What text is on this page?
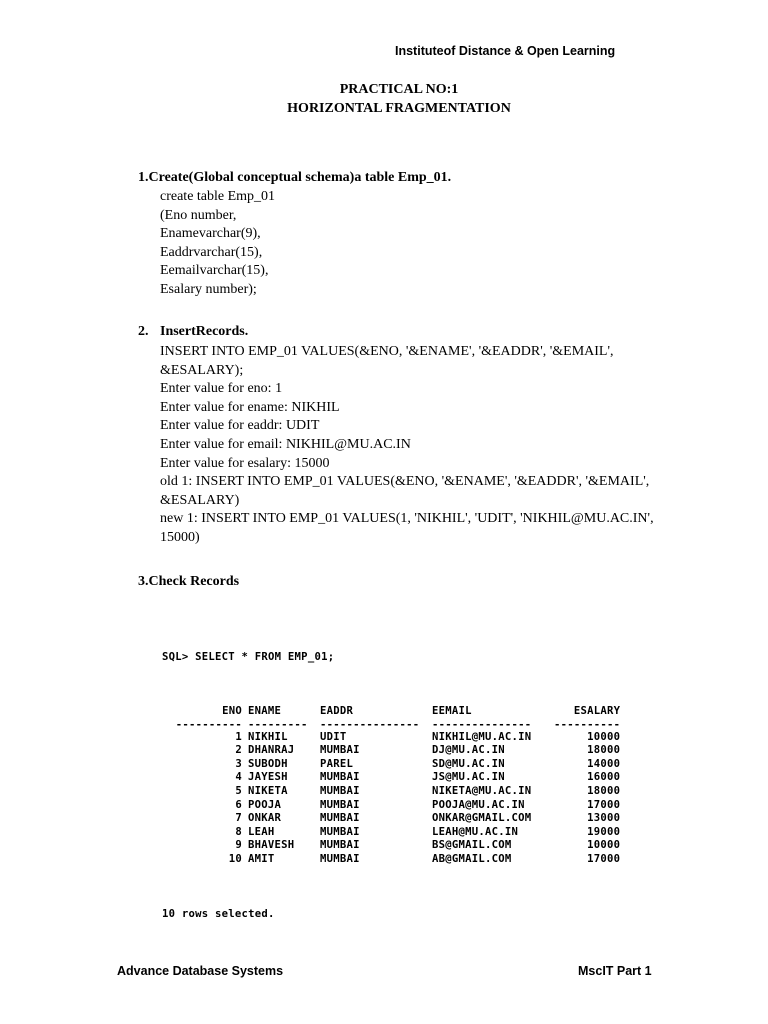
Instituteof Distance & Open Learning
PRACTICAL NO:1
HORIZONTAL FRAGMENTATION
1.Create(Global conceptual schema)a table Emp_01.
create table Emp_01
(Eno number,
Enamevarchar(9),
Eaddrvarchar(15),
Eemailvarchar(15),
Esalary number);
2. InsertRecords.
INSERT INTO EMP_01 VALUES(&ENO, '&ENAME', '&EADDR', '&EMAIL',
&ESALARY);
Enter value for eno: 1
Enter value for ename: NIKHIL
Enter value for eaddr: UDIT
Enter value for email: NIKHIL@MU.AC.IN
Enter value for esalary: 15000
old 1: INSERT INTO EMP_01 VALUES(&ENO, '&ENAME', '&EADDR', '&EMAIL',
&ESALARY)
new 1: INSERT INTO EMP_01 VALUES(1, 'NIKHIL', 'UDIT', 'NIKHIL@MU.AC.IN',
15000)
3.Check Records

SQL> SELECT * FROM EMP_01;

ENO	ENAME	EADDR	EEMAIL	ESALARY
----------	---------	---------------	---------------	----------
1	NIKHIL	UDIT	NIKHIL@MU.AC.IN	10000
2	DHANRAJ	MUMBAI	DJ@MU.AC.IN	18000
3	SUBODH	PAREL	SD@MU.AC.IN	14000
4	JAYESH	MUMBAI	JS@MU.AC.IN	16000
5	NIKETA	MUMBAI	NIKETA@MU.AC.IN	18000
6	POOJA	MUMBAI	POOJA@MU.AC.IN	17000
7	ONKAR	MUMBAI	ONKAR@GMAIL.COM	13000
8	LEAH	MUMBAI	LEAH@MU.AC.IN	19000
9	BHAVESH	MUMBAI	BS@GMAIL.COM	10000
10	AMIT	MUMBAI	AB@GMAIL.COM	17000

10 rows selected.

Advance Database Systems	MscIT Part 1
